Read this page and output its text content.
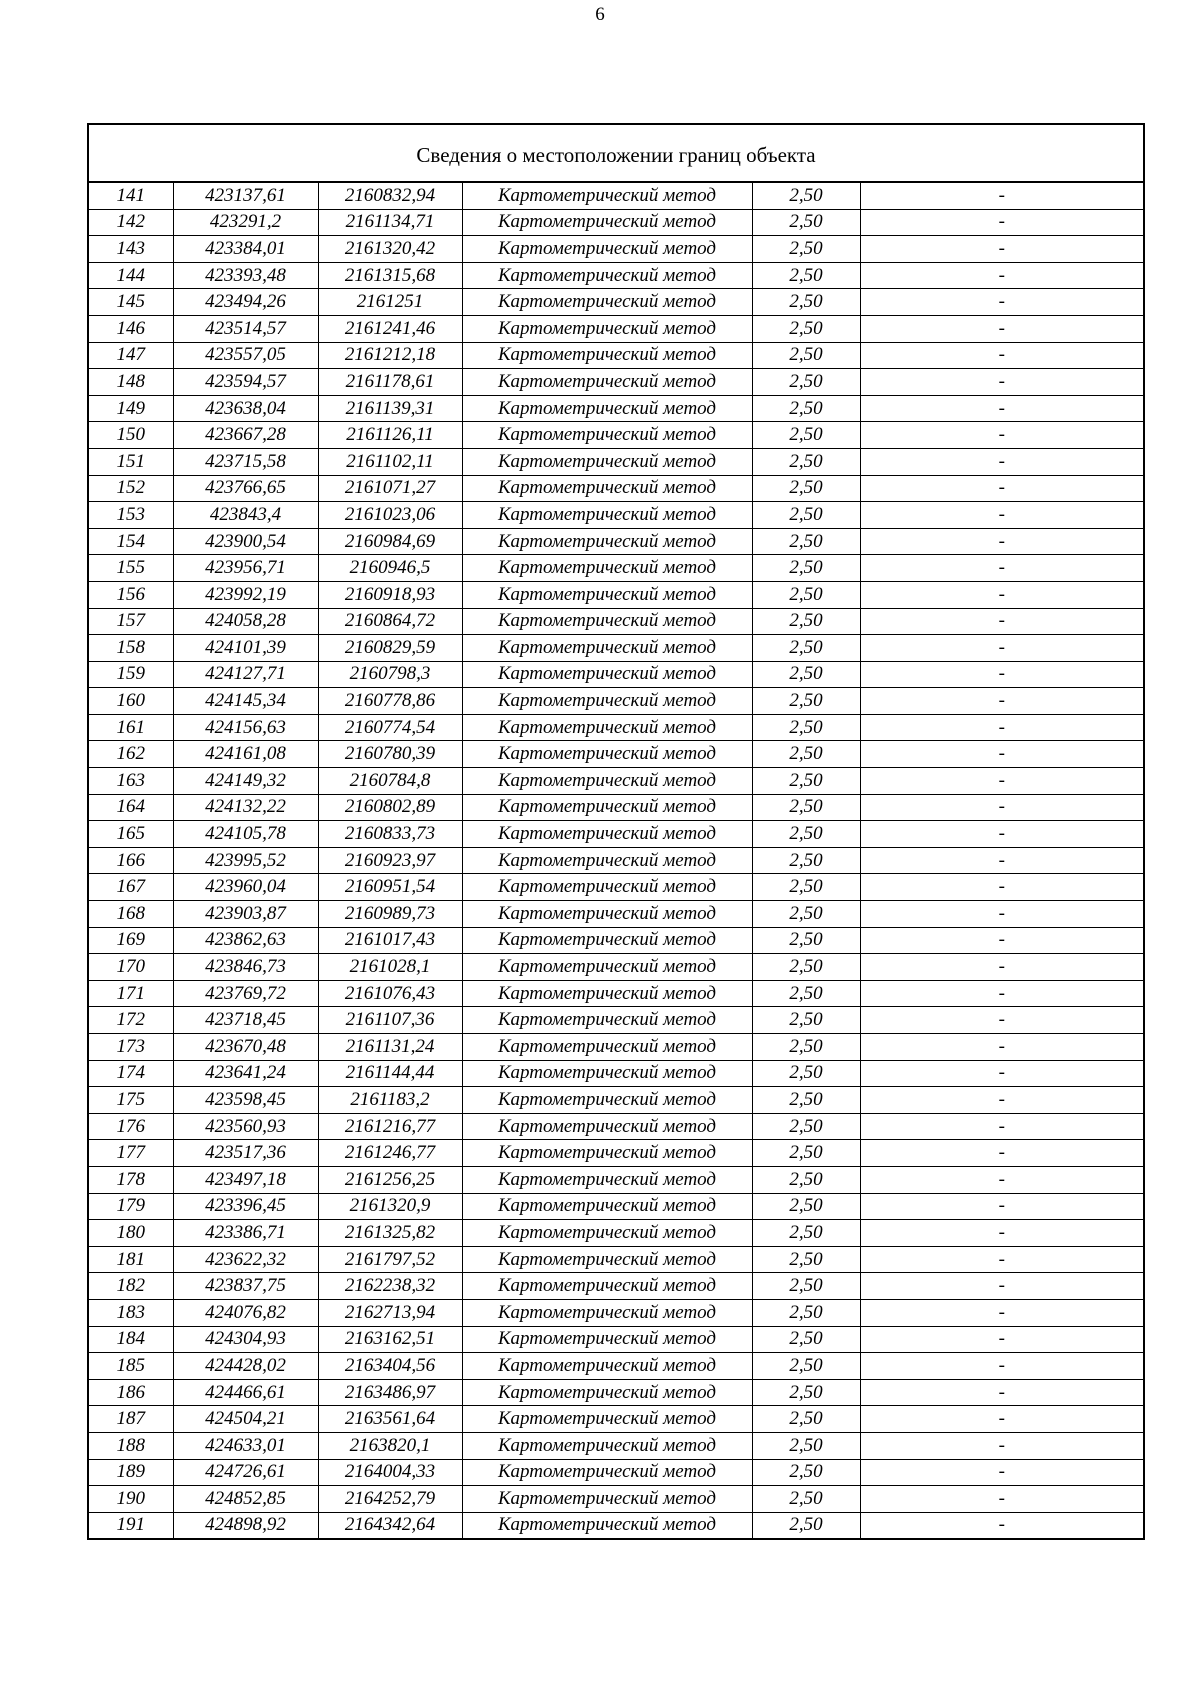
6
Сведения о местоположении границ объекта
141	423137,61	2160832,94	Картометрический метод	2,50	-
142	423291,2	2161134,71	Картометрический метод	2,50	-
143	423384,01	2161320,42	Картометрический метод	2,50	-
144	423393,48	2161315,68	Картометрический метод	2,50	-
145	423494,26	2161251	Картометрический метод	2,50	-
146	423514,57	2161241,46	Картометрический метод	2,50	-
147	423557,05	2161212,18	Картометрический метод	2,50	-
148	423594,57	2161178,61	Картометрический метод	2,50	-
149	423638,04	2161139,31	Картометрический метод	2,50	-
150	423667,28	2161126,11	Картометрический метод	2,50	-
151	423715,58	2161102,11	Картометрический метод	2,50	-
152	423766,65	2161071,27	Картометрический метод	2,50	-
153	423843,4	2161023,06	Картометрический метод	2,50	-
154	423900,54	2160984,69	Картометрический метод	2,50	-
155	423956,71	2160946,5	Картометрический метод	2,50	-
156	423992,19	2160918,93	Картометрический метод	2,50	-
157	424058,28	2160864,72	Картометрический метод	2,50	-
158	424101,39	2160829,59	Картометрический метод	2,50	-
159	424127,71	2160798,3	Картометрический метод	2,50	-
160	424145,34	2160778,86	Картометрический метод	2,50	-
161	424156,63	2160774,54	Картометрический метод	2,50	-
162	424161,08	2160780,39	Картометрический метод	2,50	-
163	424149,32	2160784,8	Картометрический метод	2,50	-
164	424132,22	2160802,89	Картометрический метод	2,50	-
165	424105,78	2160833,73	Картометрический метод	2,50	-
166	423995,52	2160923,97	Картометрический метод	2,50	-
167	423960,04	2160951,54	Картометрический метод	2,50	-
168	423903,87	2160989,73	Картометрический метод	2,50	-
169	423862,63	2161017,43	Картометрический метод	2,50	-
170	423846,73	2161028,1	Картометрический метод	2,50	-
171	423769,72	2161076,43	Картометрический метод	2,50	-
172	423718,45	2161107,36	Картометрический метод	2,50	-
173	423670,48	2161131,24	Картометрический метод	2,50	-
174	423641,24	2161144,44	Картометрический метод	2,50	-
175	423598,45	2161183,2	Картометрический метод	2,50	-
176	423560,93	2161216,77	Картометрический метод	2,50	-
177	423517,36	2161246,77	Картометрический метод	2,50	-
178	423497,18	2161256,25	Картометрический метод	2,50	-
179	423396,45	2161320,9	Картометрический метод	2,50	-
180	423386,71	2161325,82	Картометрический метод	2,50	-
181	423622,32	2161797,52	Картометрический метод	2,50	-
182	423837,75	2162238,32	Картометрический метод	2,50	-
183	424076,82	2162713,94	Картометрический метод	2,50	-
184	424304,93	2163162,51	Картометрический метод	2,50	-
185	424428,02	2163404,56	Картометрический метод	2,50	-
186	424466,61	2163486,97	Картометрический метод	2,50	-
187	424504,21	2163561,64	Картометрический метод	2,50	-
188	424633,01	2163820,1	Картометрический метод	2,50	-
189	424726,61	2164004,33	Картометрический метод	2,50	-
190	424852,85	2164252,79	Картометрический метод	2,50	-
191	424898,92	2164342,64	Картометрический метод	2,50	-
